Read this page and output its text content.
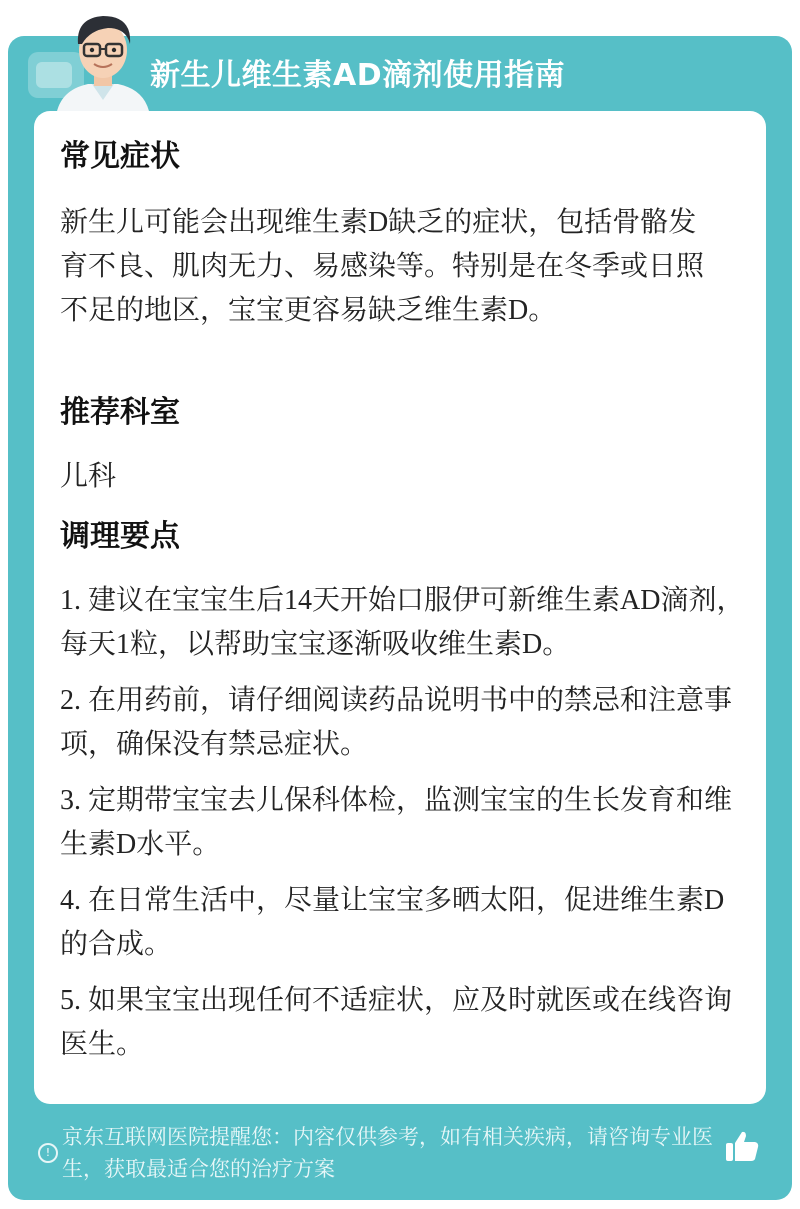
新生儿维生素AD滴剂使用指南
常见症状

新生儿可能会出现维生素D缺乏的症状，包括骨骼发育不良、肌肉无力、易感染等。特别是在冬季或日照不足的地区，宝宝更容易缺乏维生素D。

推荐科室

儿科

调理要点

1. 建议在宝宝生后14天开始口服伊可新维生素AD滴剂，每天1粒，以帮助宝宝逐渐吸收维生素D。

2. 在用药前，请仔细阅读药品说明书中的禁忌和注意事项，确保没有禁忌症状。

3. 定期带宝宝去儿保科体检，监测宝宝的生长发育和维生素D水平。

4. 在日常生活中，尽量让宝宝多晒太阳，促进维生素D的合成。

5. 如果宝宝出现任何不适症状，应及时就医或在线咨询医生。

!
京东互联网医院提醒您：内容仅供参考，如有相关疾病，请咨询专业医生，获取最适合您的治疗方案
